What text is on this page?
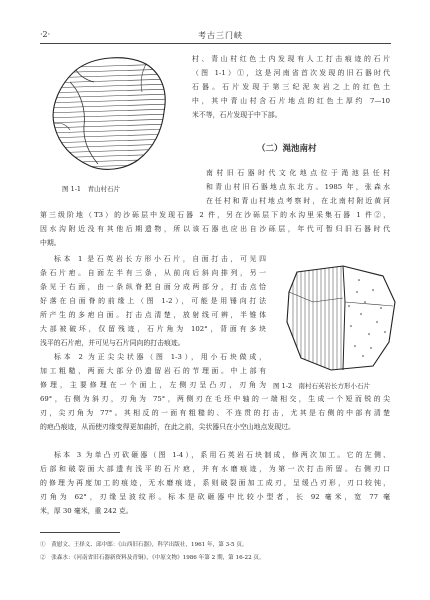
·2·	考古三门峡
图 1-1　青山村石片
村、青山村红色土内发现有人工打击痕迹的石片
（图 1-1）①，这是河南省首次发现的旧石器时代
石器。石片发现于第三纪泥灰岩之上的红色土
中，其中青山村含石片地点的红色土厚约 7—10
米不等，石片发现于中下部。
（二）渑池南村
南村旧石器时代文化地点位于渑池县任村
和青山村旧石器地点东北方。1985 年，张森水
在任村和青山村地点考察时，在北南村附近黄河
第三级阶地（T3）的沙砾层中发现石器 2 件，另在沙砾层下的水沟里采集石器 1 件②，
因水沟附近没有其他后期遗物，所以该石器也应出自沙砾层，年代可暂归旧石器时代
中期。
标本 1 是石英岩长方形小石片，自面打击，可见四
条石片疤。自面左半有三条，从前向后斜向排列，另一
条见于右面，由一条纵脊把自面分成两部分，打击点恰
好落在自面脊的前缘上（图 1-2），可能是用锤向打法
所产生的多疤自面。打击点清楚，放射线可辨，半锥体
大部被破坏，仅留残迹，石片角为 102°，背面有多块
浅平的石片疤，并可见与石片同向的打击痕迹。
图 1-2　南村石英岩长方形小石片
标本 2 为正尖尖状器（图 1-3），用小石块做成，
加工粗糙，两面大部分仍遗留岩石的节理面。中上部有
修理，主要修理在一个面上，左侧刃呈凸刃，刃角为
69°，右侧为斜刃，刃角为 75°，两侧刃在毛坯中轴的一端相交，生成一个短而锐的尖
刃，尖刃角为 77°。其相反的一面有粗糙的、不连贯的打击，尤其是右侧的中部有清楚
的疤凸痕迹，从而使刃缘变得更加曲折，在此之前，尖状器只在小空山地点发现过。
标本 3 为单凸刃砍砸器（图 1-4），系用石英岩石块制成，修两次加工。它的左侧、
后部和破裂面大部遗有浅平的石片疤，并有水磨痕迹，为第一次打击所留。右侧刃口
的修理为再度加工的痕迹，无水磨痕迹，系则破裂面加工成刃，呈缓凸刃形，刃口较钝，
刃角为 62°，刃缘呈波纹形。标本是砍砸器中比较小型者，长 92 毫米，宽 77 毫
米，厚 30 毫米，重 242 克。
①　黄慰文、王择义、邱中郎：《山西旧石器》，科学出版社，1961 年，第 3-5 页。
②　张森水：《河南省旧石器新资料及青铜》，《中原文物》1986 年第 2 期，第 16-22 页。
